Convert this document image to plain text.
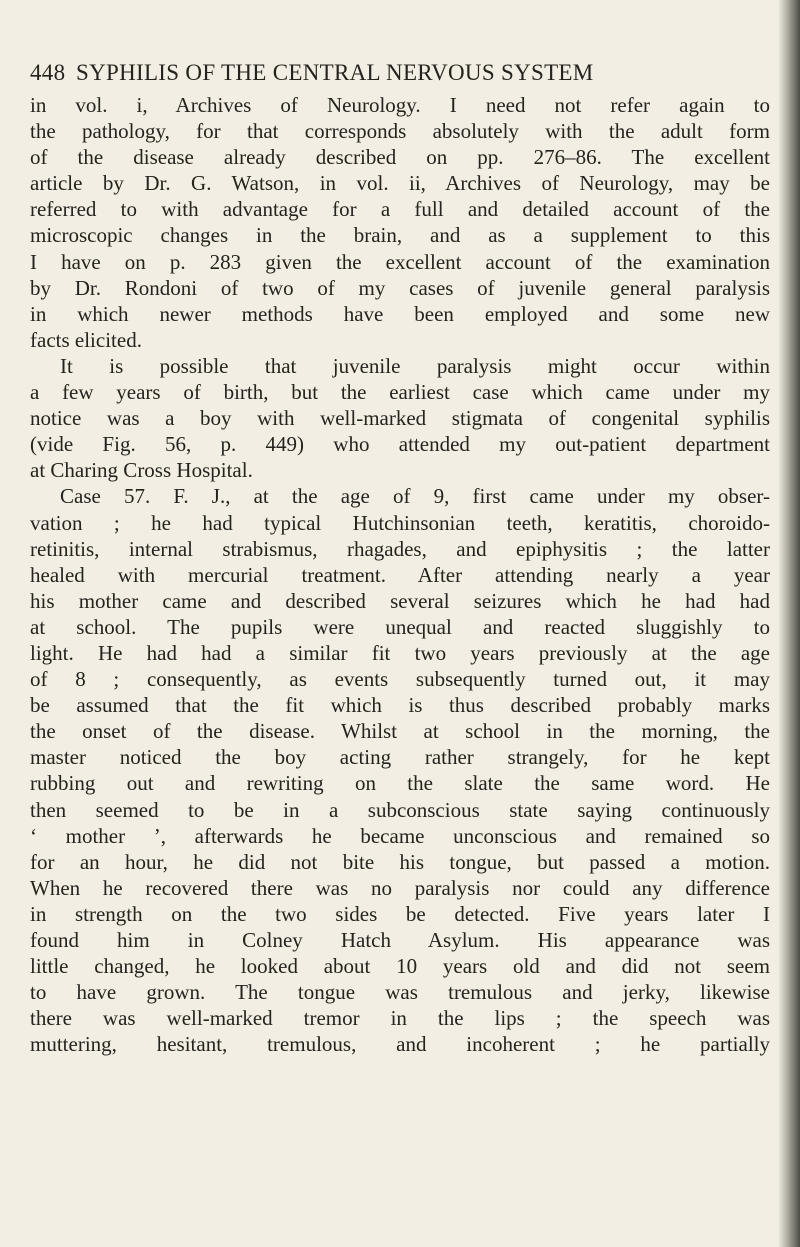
448 SYPHILIS OF THE CENTRAL NERVOUS SYSTEM
in vol. i, Archives of Neurology. I need not refer again to
the pathology, for that corresponds absolutely with the adult form
of the disease already described on pp. 276–86. The excellent
article by Dr. G. Watson, in vol. ii, Archives of Neurology, may be
referred to with advantage for a full and detailed account of the
microscopic changes in the brain, and as a supplement to this
I have on p. 283 given the excellent account of the examination
by Dr. Rondoni of two of my cases of juvenile general paralysis
in which newer methods have been employed and some new
facts elicited.
It is possible that juvenile paralysis might occur within
a few years of birth, but the earliest case which came under my
notice was a boy with well-marked stigmata of congenital syphilis
(vide Fig. 56, p. 449) who attended my out-patient department
at Charing Cross Hospital.
Case 57. F. J., at the age of 9, first came under my obser-
vation ; he had typical Hutchinsonian teeth, keratitis, choroido-
retinitis, internal strabismus, rhagades, and epiphysitis ; the latter
healed with mercurial treatment. After attending nearly a year
his mother came and described several seizures which he had had
at school. The pupils were unequal and reacted sluggishly to
light. He had had a similar fit two years previously at the age
of 8 ; consequently, as events subsequently turned out, it may
be assumed that the fit which is thus described probably marks
the onset of the disease. Whilst at school in the morning, the
master noticed the boy acting rather strangely, for he kept
rubbing out and rewriting on the slate the same word. He
then seemed to be in a subconscious state saying continuously
‘ mother ’, afterwards he became unconscious and remained so
for an hour, he did not bite his tongue, but passed a motion.
When he recovered there was no paralysis nor could any difference
in strength on the two sides be detected. Five years later I
found him in Colney Hatch Asylum. His appearance was
little changed, he looked about 10 years old and did not seem
to have grown. The tongue was tremulous and jerky, likewise
there was well-marked tremor in the lips ; the speech was
muttering, hesitant, tremulous, and incoherent ; he partially
